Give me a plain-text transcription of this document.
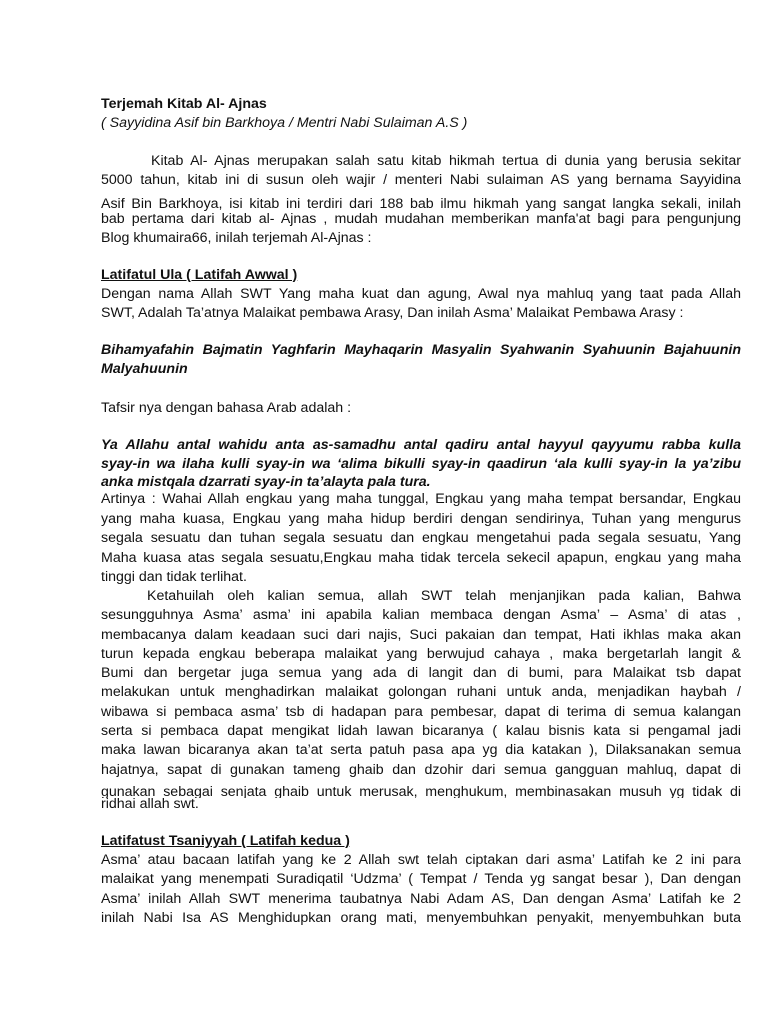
Terjemah Kitab Al- Ajnas
( Sayyidina Asif bin Barkhoya / Mentri Nabi Sulaiman A.S )
Kitab Al- Ajnas merupakan salah satu kitab hikmah tertua di dunia yang berusia sekitar
5000 tahun, kitab ini di susun oleh wajir / menteri Nabi sulaiman AS yang bernama Sayyidina
Asif Bin Barkhoya, isi kitab ini terdiri dari 188 bab ilmu hikmah yang sangat langka sekali, inilah
bab pertama dari kitab al- Ajnas , mudah mudahan memberikan manfa'at bagi para pengunjung
Blog khumaira66, inilah terjemah Al-Ajnas :
Latifatul Ula ( Latifah Awwal )
Dengan nama Allah SWT Yang maha kuat dan agung, Awal nya mahluq yang taat pada Allah
SWT, Adalah Ta’atnya Malaikat pembawa Arasy, Dan inilah Asma’ Malaikat Pembawa Arasy :
Bihamyafahin Bajmatin Yaghfarin Mayhaqarin Masyalin Syahwanin Syahuunin Bajahuunin
Malyahuunin
Tafsir nya dengan bahasa Arab adalah :
Ya Allahu antal wahidu anta as-samadhu antal qadiru antal hayyul qayyumu rabba kulla
syay-in wa ilaha kulli syay-in wa ‘alima bikulli syay-in qaadirun ‘ala kulli syay-in la ya’zibu
anka mistqala dzarrati syay-in ta’alayta pala tura.
Artinya : Wahai Allah engkau yang maha tunggal, Engkau yang maha tempat bersandar, Engkau
yang maha kuasa, Engkau yang maha hidup berdiri dengan sendirinya, Tuhan yang mengurus
segala sesuatu dan tuhan segala sesuatu dan engkau mengetahui pada segala sesuatu, Yang
Maha kuasa atas segala sesuatu,Engkau maha tidak tercela sekecil apapun, engkau yang maha
tinggi dan tidak terlihat.
Ketahuilah oleh kalian semua, allah SWT telah menjanjikan pada kalian, Bahwa
sesungguhnya Asma’ asma’ ini apabila kalian membaca dengan Asma’ – Asma’ di atas ,
membacanya dalam keadaan suci dari najis, Suci pakaian dan tempat, Hati ikhlas maka akan
turun kepada engkau beberapa malaikat yang berwujud cahaya , maka bergetarlah langit &
Bumi dan bergetar juga semua yang ada di langit dan di bumi, para Malaikat tsb dapat
melakukan untuk menghadirkan malaikat golongan ruhani untuk anda, menjadikan haybah /
wibawa si pembaca asma’ tsb di hadapan para pembesar, dapat di terima di semua kalangan
serta si pembaca dapat mengikat lidah lawan bicaranya ( kalau bisnis kata si pengamal jadi
maka lawan bicaranya akan ta’at serta patuh pasa apa yg dia katakan ), Dilaksanakan semua
hajatnya, sapat di gunakan tameng ghaib dan dzohir dari semua gangguan mahluq, dapat di
gunakan sebagai senjata ghaib untuk merusak, menghukum, membinasakan musuh yg tidak di
ridhai allah swt.
Latifatust Tsaniyyah ( Latifah kedua )
Asma’ atau bacaan latifah yang ke 2 Allah swt telah ciptakan dari asma’ Latifah ke 2 ini para
malaikat yang menempati Suradiqatil ‘Udzma’ ( Tempat / Tenda yg sangat besar ), Dan dengan
Asma’ inilah Allah SWT menerima taubatnya Nabi Adam AS, Dan dengan Asma’ Latifah ke 2
inilah Nabi Isa AS Menghidupkan orang mati, menyembuhkan penyakit, menyembuhkan buta
